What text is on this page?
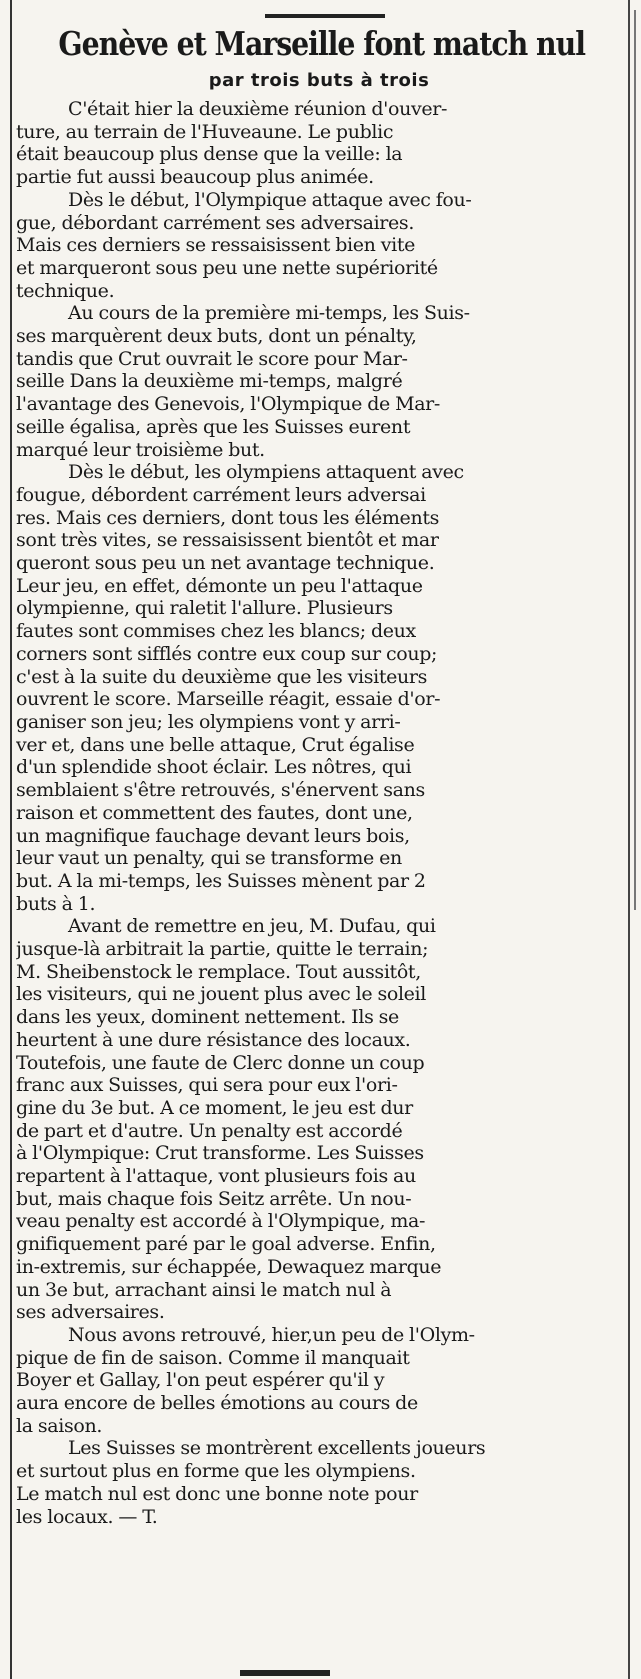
Genève et Marseille font match nul
par trois buts à trois

C'était hier la deuxième réunion d'ouver-
ture, au terrain de l'Huveaune. Le public
était beaucoup plus dense que la veille: la
partie fut aussi beaucoup plus animée.

Dès le début, l'Olympique attaque avec fou-
gue, débordant carrément ses adversaires.
Mais ces derniers se ressaisissent bien vite
et marqueront sous peu une nette supériorité
technique.

Au cours de la première mi-temps, les Suis-
ses marquèrent deux buts, dont un pénalty,
tandis que Crut ouvrait le score pour Mar-
seille Dans la deuxième mi-temps, malgré
l'avantage des Genevois, l'Olympique de Mar-
seille égalisa, après que les Suisses eurent
marqué leur troisième but.

Dès le début, les olympiens attaquent avec
fougue, débordent carrément leurs adversai
res. Mais ces derniers, dont tous les éléments
sont très vites, se ressaisissent bientôt et mar
queront sous peu un net avantage technique.
Leur jeu, en effet, démonte un peu l'attaque
olympienne, qui raletit l'allure. Plusieurs
fautes sont commises chez les blancs; deux
corners sont sifflés contre eux coup sur coup;
c'est à la suite du deuxième que les visiteurs
ouvrent le score. Marseille réagit, essaie d'or-
ganiser son jeu; les olympiens vont y arri-
ver et, dans une belle attaque, Crut égalise
d'un splendide shoot éclair. Les nôtres, qui
semblaient s'être retrouvés, s'énervent sans
raison et commettent des fautes, dont une,
un magnifique fauchage devant leurs bois,
leur vaut un penalty, qui se transforme en
but. A la mi-temps, les Suisses mènent par 2
buts à 1.

Avant de remettre en jeu, M. Dufau, qui
jusque-là arbitrait la partie, quitte le terrain;
M. Sheibenstock le remplace. Tout aussitôt,
les visiteurs, qui ne jouent plus avec le soleil
dans les yeux, dominent nettement. Ils se
heurtent à une dure résistance des locaux.
Toutefois, une faute de Clerc donne un coup
franc aux Suisses, qui sera pour eux l'ori-
gine du 3e but. A ce moment, le jeu est dur
de part et d'autre. Un penalty est accordé
à l'Olympique: Crut transforme. Les Suisses
repartent à l'attaque, vont plusieurs fois au
but, mais chaque fois Seitz arrête. Un nou-
veau penalty est accordé à l'Olympique, ma-
gnifiquement paré par le goal adverse. Enfin,
in-extremis, sur échappée, Dewaquez marque
un 3e but, arrachant ainsi le match nul à
ses adversaires.

Nous avons retrouvé, hier,un peu de l'Olym-
pique de fin de saison. Comme il manquait
Boyer et Gallay, l'on peut espérer qu'il y
aura encore de belles émotions au cours de
la saison.

Les Suisses se montrèrent excellents joueurs
et surtout plus en forme que les olympiens.
Le match nul est donc une bonne note pour
les locaux. — T.
